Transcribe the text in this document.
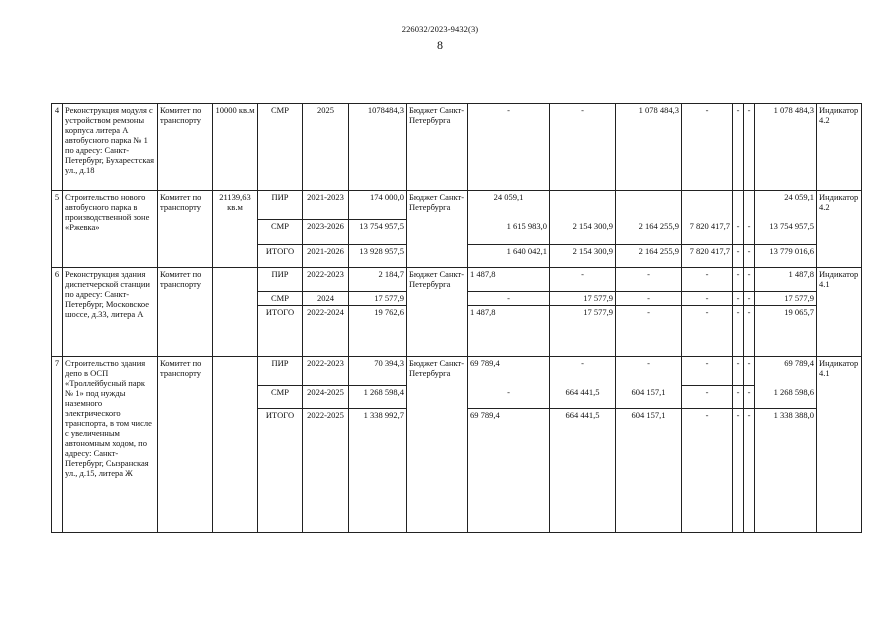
226032/2023-9432(3)
8
4	Реконструкция модуля с устройством ремзоны корпуса литера А автобусного парка № 1 по адресу: Санкт-Петербург, Бухарестская ул., д.18	Комитет по транспорту	10000 кв.м	СМР	2025	1078484,3	Бюджет Санкт-Петербурга	-	-	1 078 484,3	-	-	-	1 078 484,3	Индикатор 4.2
5	Строительство нового автобусного парка в производственной зоне «Ржевка»	Комитет по транспорту	21139,63 кв.м	ПИР	2021-2023	174 000,0	Бюджет Санкт-Петербурга	24 059,1						24 059,1	Индикатор 4.2
				СМР	2023-2026	13 754 957,5		1 615 983,0	2 154 300,9	2 164 255,9	7 820 417,7	-	-	13 754 957,5	
				ИТОГО	2021-2026	13 928 957,5		1 640 042,1	2 154 300,9	2 164 255,9	7 820 417,7	-	-	13 779 016,6	
6	Реконструкция здания диспетчерской станции по адресу: Санкт-Петербург, Московское шоссе, д.33, литера А	Комитет по транспорту		ПИР	2022-2023	2 184,7	Бюджет Санкт-Петербурга	1 487,8	-	-	-	-	-	1 487,8	Индикатор 4.1
				СМР	2024	17 577,9		-	17 577,9	-	-	-	-	17 577,9	
				ИТОГО	2022-2024	19 762,6		1 487,8	17 577,9	-	-	-	-	19 065,7	
7	Строительство здания депо в ОСП «Троллейбусный парк № 1» под нужды наземного электрического транспорта, в том числе с увеличенным автономным ходом, по адресу: Санкт-Петербург, Сызранская ул., д.15, литера Ж	Комитет по транспорту		ПИР	2022-2023	70 394,3	Бюджет Санкт-Петербурга	69 789,4	-	-	-	-	-	69 789,4	Индикатор 4.1
				СМР	2024-2025	1 268 598,4		-	664 441,5	604 157,1	-	-	-	1 268 598,6	
				ИТОГО	2022-2025	1 338 992,7		69 789,4	664 441,5	604 157,1	-	-	-	1 338 388,0	
